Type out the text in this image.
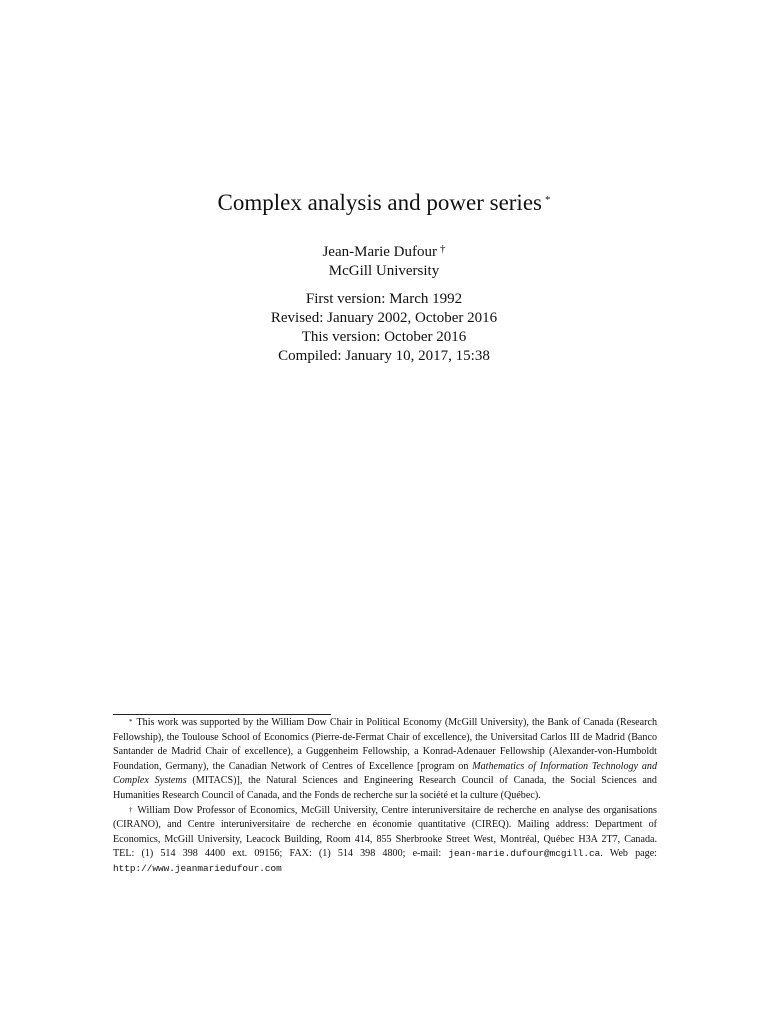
Complex analysis and power series *
Jean-Marie Dufour †
McGill University
First version: March 1992
Revised: January 2002, October 2016
This version: October 2016
Compiled: January 10, 2017, 15:38

* This work was supported by the William Dow Chair in Political Economy (McGill University), the Bank of Canada (Research Fellowship), the Toulouse School of Economics (Pierre-de-Fermat Chair of excellence), the Universitad Carlos III de Madrid (Banco Santander de Madrid Chair of excellence), a Guggenheim Fellowship, a Konrad-Adenauer Fellowship (Alexander-von-Humboldt Foundation, Germany), the Canadian Network of Centres of Excellence [program on Mathematics of Information Technology and Complex Systems (MITACS)], the Natural Sciences and Engineering Research Council of Canada, the Social Sciences and Humanities Research Council of Canada, and the Fonds de recherche sur la société et la culture (Québec).

† William Dow Professor of Economics, McGill University, Centre interuniversitaire de recherche en analyse des organisations (CIRANO), and Centre interuniversitaire de recherche en économie quantitative (CIREQ). Mailing address: Department of Economics, McGill University, Leacock Building, Room 414, 855 Sherbrooke Street West, Montréal, Québec H3A 2T7, Canada. TEL: (1) 514 398 4400 ext. 09156; FAX: (1) 514 398 4800; e-mail: jean-marie.dufour@mcgill.ca. Web page: http://www.jeanmariedufour.com
